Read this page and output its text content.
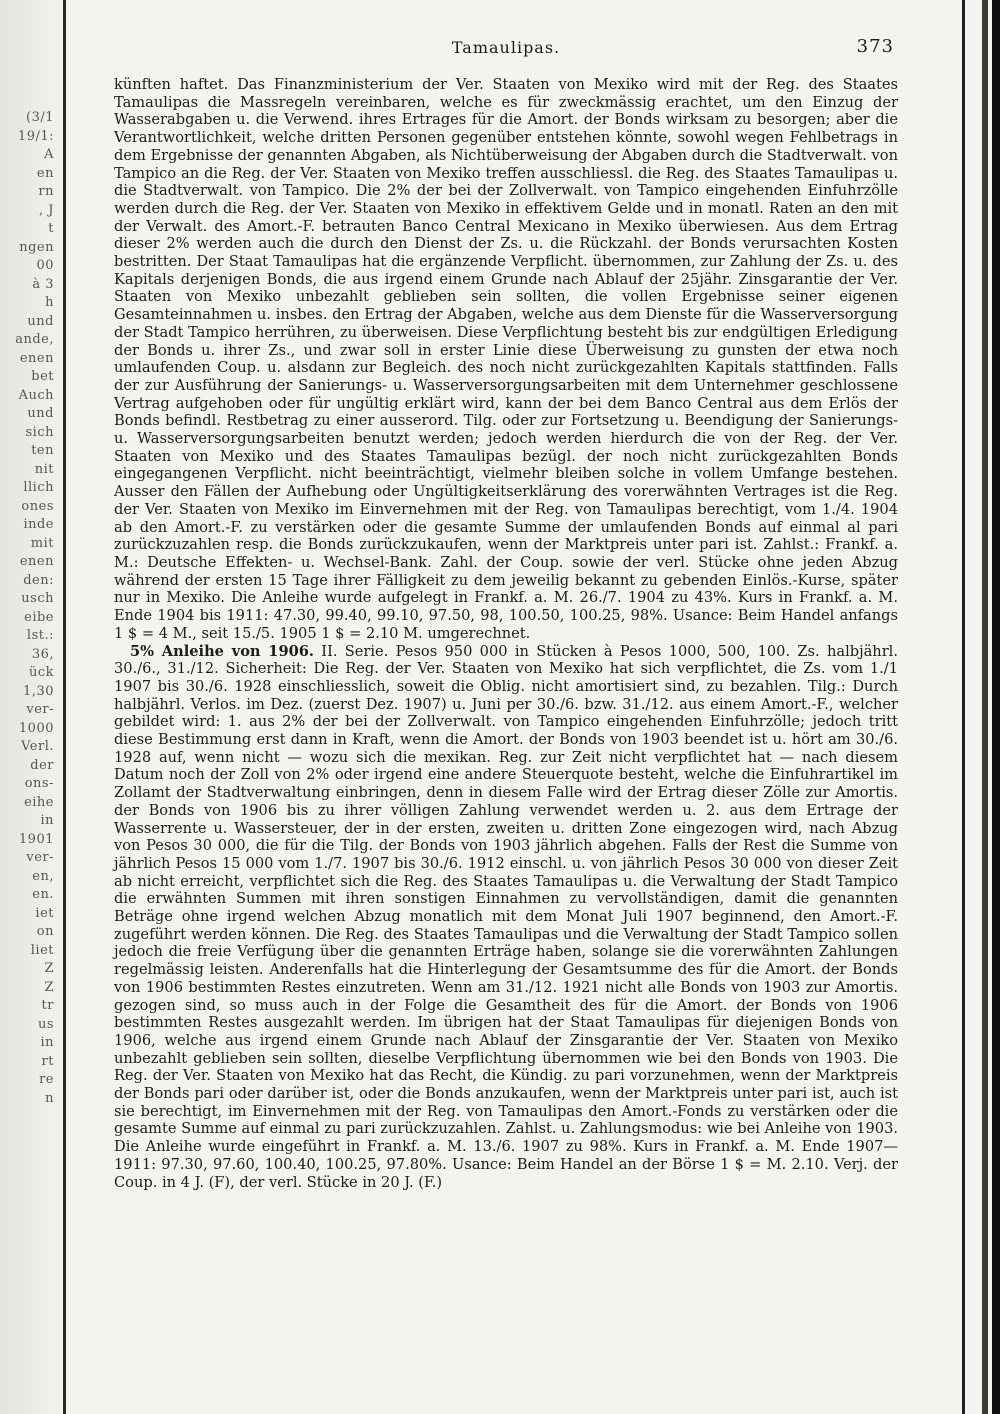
(3/1
19/1:
A
en
rn
, J
t
ngen
00
à 3
h
und
ande,
enen
bet
Auch
und
sich
ten
nit
llich
ones
inde
mit
enen
den:
usch
eibe
lst.:
36,
ück
1,30
ver-
1000
Verl.
der
ons-
eihe
in
1901
ver-
en,
en.
iet
on
liet
Z
Z
tr
us
in
rt
re
n
Tamaulipas.	373

künften haftet. Das Finanzministerium der Ver. Staaten von Mexiko wird mit der Reg. des Staates Tamaulipas die Massregeln vereinbaren, welche es für zweckmässig erachtet, um den Einzug der Wasserabgaben u. die Verwend. ihres Ertrages für die Amort. der Bonds wirksam zu besorgen; aber die Verantwortlichkeit, welche dritten Personen gegenüber entstehen könnte, sowohl wegen Fehlbetrags in dem Ergebnisse der genannten Abgaben, als Nichtüberweisung der Abgaben durch die Stadtverwalt. von Tampico an die Reg. der Ver. Staaten von Mexiko treffen ausschliessl. die Reg. des Staates Tamaulipas u. die Stadtverwalt. von Tampico. Die 2% der bei der Zollverwalt. von Tampico eingehenden Einfuhrzölle werden durch die Reg. der Ver. Staaten von Mexiko in effektivem Gelde und in monatl. Raten an den mit der Verwalt. des Amort.-F. betrauten Banco Central Mexicano in Mexiko überwiesen. Aus dem Ertrag dieser 2% werden auch die durch den Dienst der Zs. u. die Rückzahl. der Bonds verursachten Kosten bestritten. Der Staat Tamaulipas hat die ergänzende Verpflicht. übernommen, zur Zahlung der Zs. u. des Kapitals derjenigen Bonds, die aus irgend einem Grunde nach Ablauf der 25jähr. Zinsgarantie der Ver. Staaten von Mexiko unbezahlt geblieben sein sollten, die vollen Ergebnisse seiner eigenen Gesamteinnahmen u. insbes. den Ertrag der Abgaben, welche aus dem Dienste für die Wasserversorgung der Stadt Tampico herrühren, zu überweisen. Diese Verpflichtung besteht bis zur endgültigen Erledigung der Bonds u. ihrer Zs., und zwar soll in erster Linie diese Überweisung zu gunsten der etwa noch umlaufenden Coup. u. alsdann zur Begleich. des noch nicht zurückgezahlten Kapitals stattfinden. Falls der zur Ausführung der Sanierungs- u. Wasserversorgungsarbeiten mit dem Unternehmer geschlossene Vertrag aufgehoben oder für ungültig erklärt wird, kann der bei dem Banco Central aus dem Erlös der Bonds befindl. Restbetrag zu einer ausserord. Tilg. oder zur Fortsetzung u. Beendigung der Sanierungs- u. Wasserversorgungsarbeiten benutzt werden; jedoch werden hierdurch die von der Reg. der Ver. Staaten von Mexiko und des Staates Tamaulipas bezügl. der noch nicht zurückgezahlten Bonds eingegangenen Verpflicht. nicht beeinträchtigt, vielmehr bleiben solche in vollem Umfange bestehen. Ausser den Fällen der Aufhebung oder Ungültigkeitserklärung des vorerwähnten Vertrages ist die Reg. der Ver. Staaten von Mexiko im Einvernehmen mit der Reg. von Tamaulipas berechtigt, vom 1./4. 1904 ab den Amort.-F. zu verstärken oder die gesamte Summe der umlaufenden Bonds auf einmal al pari zurückzuzahlen resp. die Bonds zurückzukaufen, wenn der Marktpreis unter pari ist. Zahlst.: Frankf. a. M.: Deutsche Effekten- u. Wechsel-Bank. Zahl. der Coup. sowie der verl. Stücke ohne jeden Abzug während der ersten 15 Tage ihrer Fälligkeit zu dem jeweilig bekannt zu gebenden Einlös.-Kurse, später nur in Mexiko. Die Anleihe wurde aufgelegt in Frankf. a. M. 26./7. 1904 zu 43%. Kurs in Frankf. a. M. Ende 1904 bis 1911: 47.30, 99.40, 99.10, 97.50, 98, 100.50, 100.25, 98%. Usance: Beim Handel anfangs 1 $ = 4 M., seit 15./5. 1905 1 $ = 2.10 M. umgerechnet.

5% Anleihe von 1906. II. Serie. Pesos 950 000 in Stücken à Pesos 1000, 500, 100. Zs. halbjährl. 30./6., 31./12. Sicherheit: Die Reg. der Ver. Staaten von Mexiko hat sich verpflichtet, die Zs. vom 1./1 1907 bis 30./6. 1928 einschliesslich, soweit die Oblig. nicht amortisiert sind, zu bezahlen. Tilg.: Durch halbjährl. Verlos. im Dez. (zuerst Dez. 1907) u. Juni per 30./6. bzw. 31./12. aus einem Amort.-F., welcher gebildet wird: 1. aus 2% der bei der Zollverwalt. von Tampico eingehenden Einfuhrzölle; jedoch tritt diese Bestimmung erst dann in Kraft, wenn die Amort. der Bonds von 1903 beendet ist u. hört am 30./6. 1928 auf, wenn nicht — wozu sich die mexikan. Reg. zur Zeit nicht verpflichtet hat — nach diesem Datum noch der Zoll von 2% oder irgend eine andere Steuerquote besteht, welche die Einfuhrartikel im Zollamt der Stadtverwaltung einbringen, denn in diesem Falle wird der Ertrag dieser Zölle zur Amortis. der Bonds von 1906 bis zu ihrer völligen Zahlung verwendet werden u. 2. aus dem Ertrage der Wasserrente u. Wassersteuer, der in der ersten, zweiten u. dritten Zone eingezogen wird, nach Abzug von Pesos 30 000, die für die Tilg. der Bonds von 1903 jährlich abgehen. Falls der Rest die Summe von jährlich Pesos 15 000 vom 1./7. 1907 bis 30./6. 1912 einschl. u. von jährlich Pesos 30 000 von dieser Zeit ab nicht erreicht, verpflichtet sich die Reg. des Staates Tamaulipas u. die Verwaltung der Stadt Tampico die erwähnten Summen mit ihren sonstigen Einnahmen zu vervollständigen, damit die genannten Beträge ohne irgend welchen Abzug monatlich mit dem Monat Juli 1907 beginnend, den Amort.-F. zugeführt werden können. Die Reg. des Staates Tamaulipas und die Verwaltung der Stadt Tampico sollen jedoch die freie Verfügung über die genannten Erträge haben, solange sie die vorerwähnten Zahlungen regelmässig leisten. Anderenfalls hat die Hinterlegung der Gesamtsumme des für die Amort. der Bonds von 1906 bestimmten Restes einzutreten. Wenn am 31./12. 1921 nicht alle Bonds von 1903 zur Amortis. gezogen sind, so muss auch in der Folge die Gesamtheit des für die Amort. der Bonds von 1906 bestimmten Restes ausgezahlt werden. Im übrigen hat der Staat Tamaulipas für diejenigen Bonds von 1906, welche aus irgend einem Grunde nach Ablauf der Zinsgarantie der Ver. Staaten von Mexiko unbezahlt geblieben sein sollten, dieselbe Verpflichtung übernommen wie bei den Bonds von 1903. Die Reg. der Ver. Staaten von Mexiko hat das Recht, die Kündig. zu pari vorzunehmen, wenn der Marktpreis der Bonds pari oder darüber ist, oder die Bonds anzukaufen, wenn der Marktpreis unter pari ist, auch ist sie berechtigt, im Einvernehmen mit der Reg. von Tamaulipas den Amort.-Fonds zu verstärken oder die gesamte Summe auf einmal zu pari zurückzuzahlen. Zahlst. u. Zahlungsmodus: wie bei Anleihe von 1903. Die Anleihe wurde eingeführt in Frankf. a. M. 13./6. 1907 zu 98%. Kurs in Frankf. a. M. Ende 1907—1911: 97.30, 97.60, 100.40, 100.25, 97.80%. Usance: Beim Handel an der Börse 1 $ = M. 2.10. Verj. der Coup. in 4 J. (F), der verl. Stücke in 20 J. (F.)
